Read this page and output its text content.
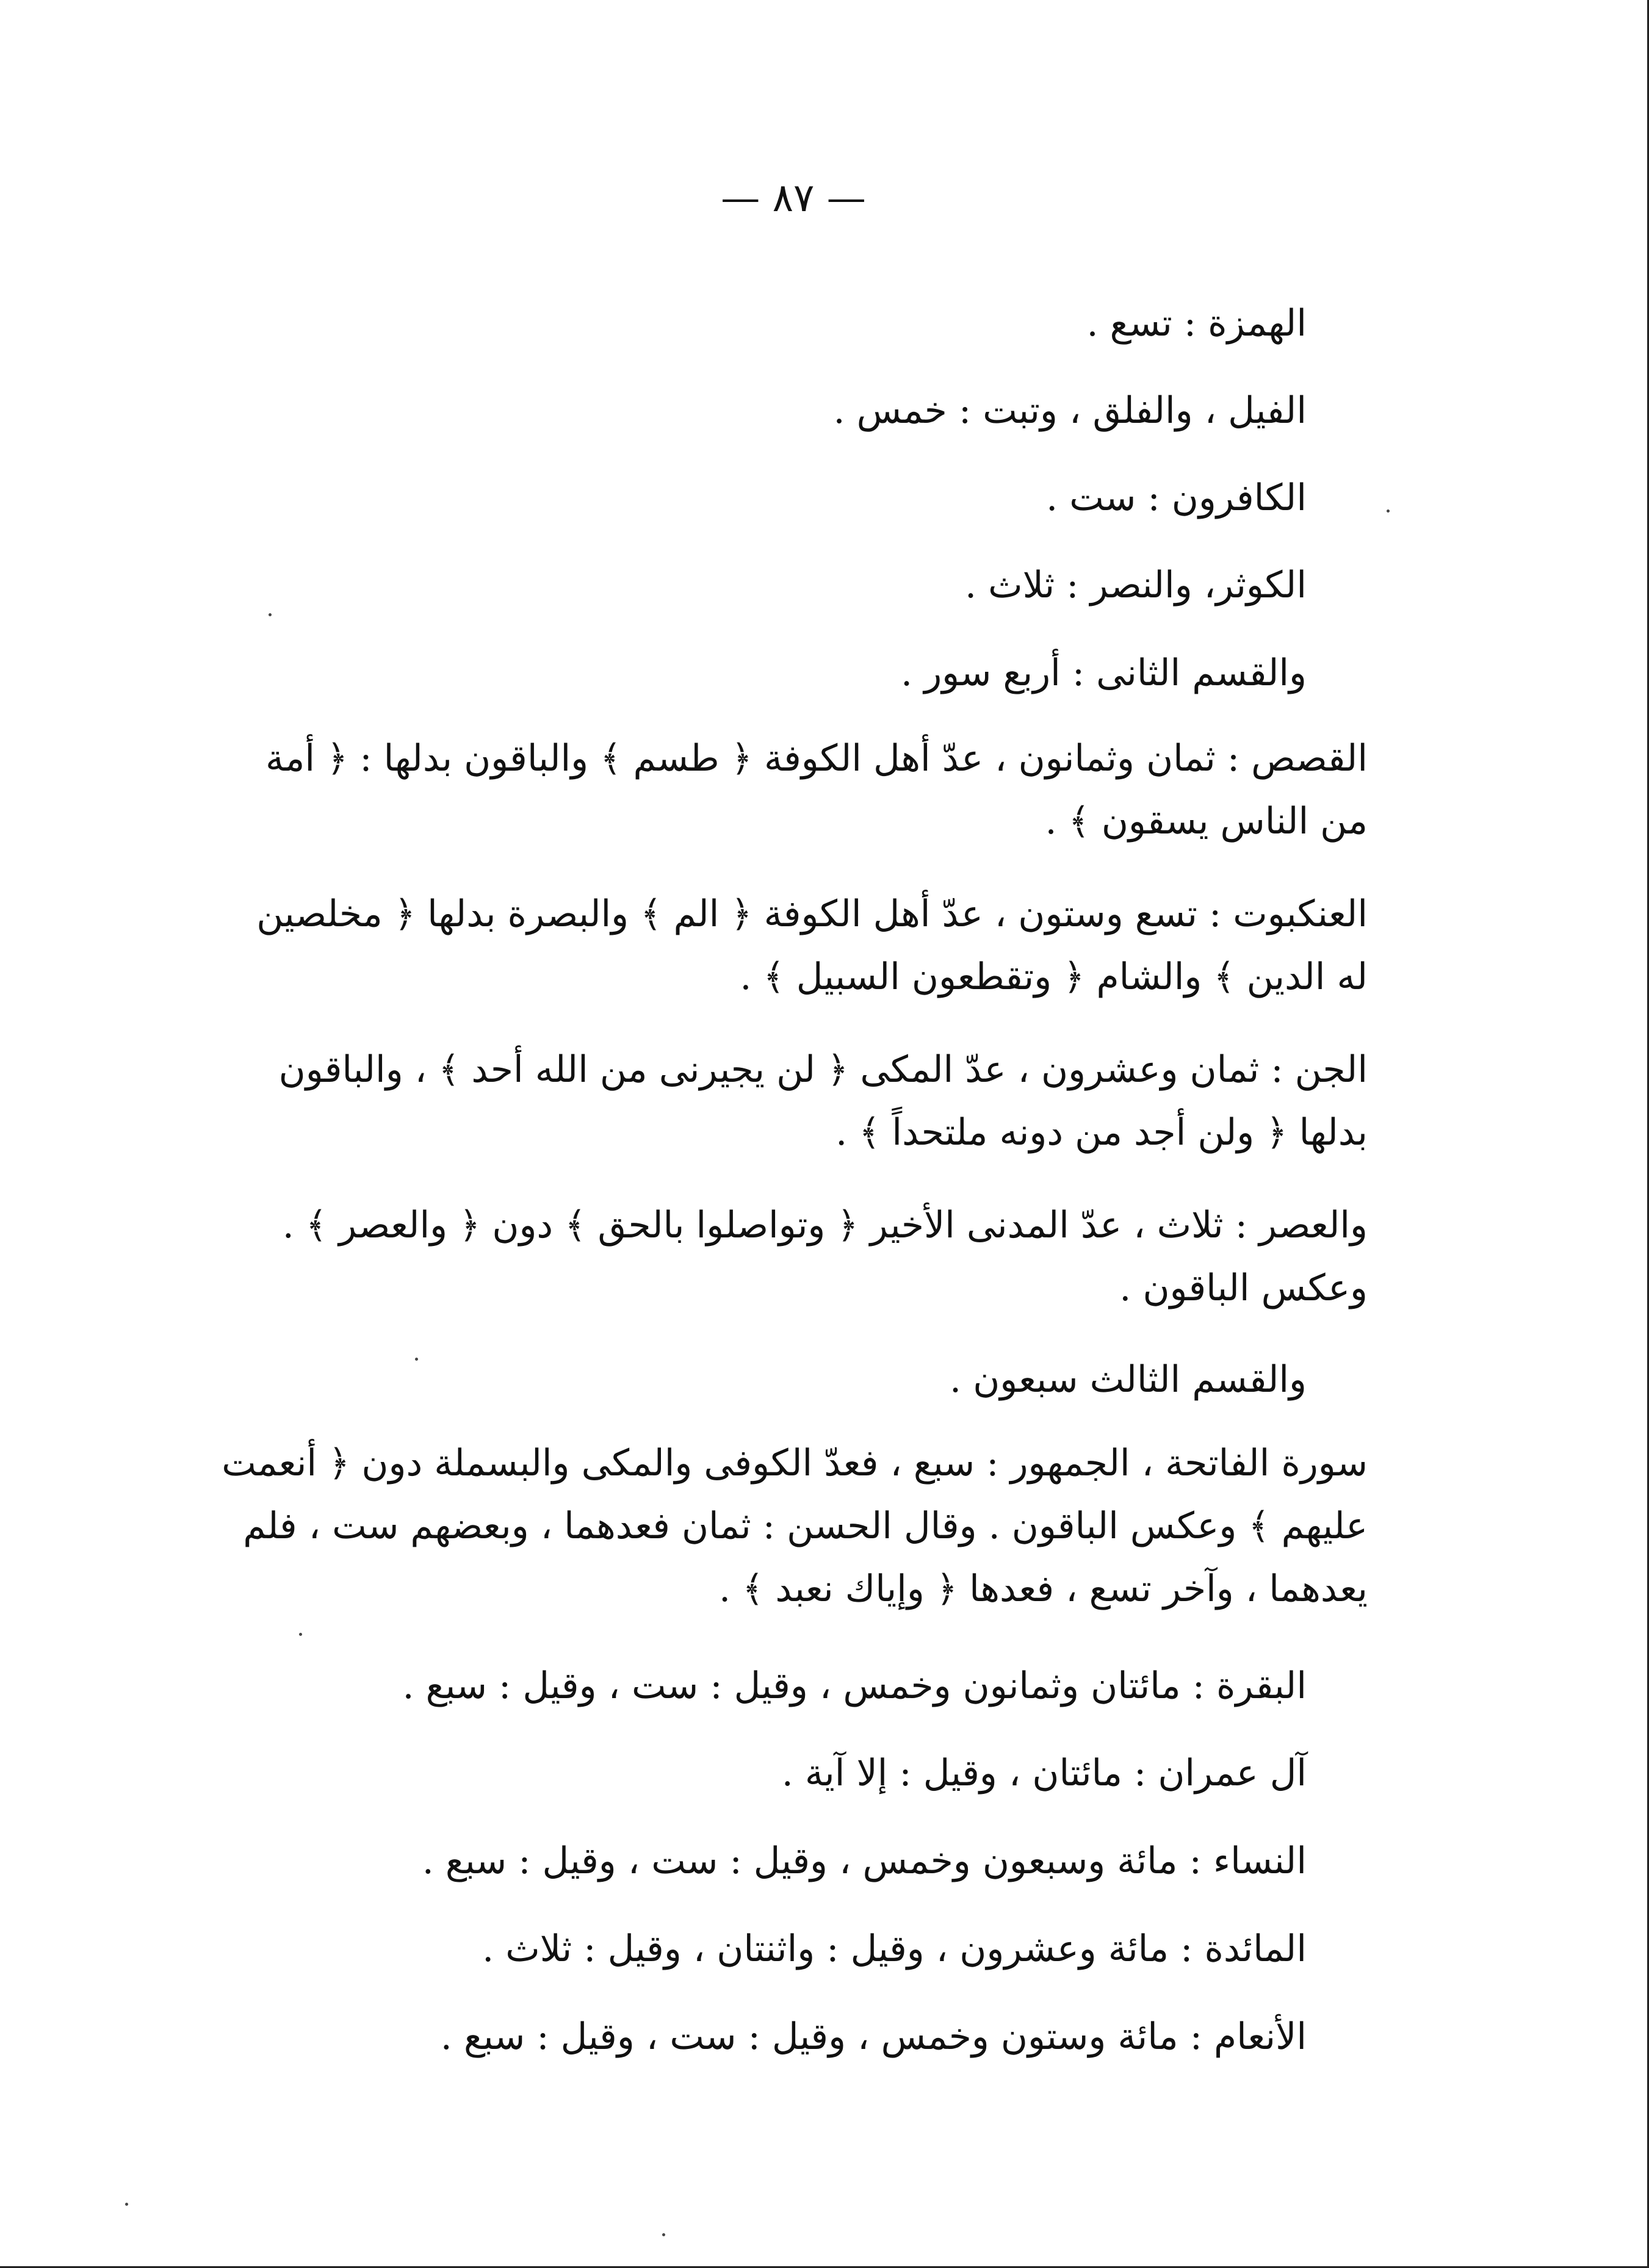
— ٨٧ —
الهمزة : تسع .
الفيل ، والفلق ، وتبت : خمس .
الكافرون : ست .
الكوثر، والنصر : ثلاث .
والقسم الثانى : أربع سور .
القصص : ثمان وثمانون ، عدّ أهل الكوفة ﴿ طسم ﴾ والباقون بدلها : ﴿ أمة
من الناس يسقون ﴾ .
العنكبوت : تسع وستون ، عدّ أهل الكوفة ﴿ الم ﴾ والبصرة بدلها ﴿ مخلصين
له الدين ﴾ والشام ﴿ وتقطعون السبيل ﴾ .
الجن : ثمان وعشرون ، عدّ المكى ﴿ لن يجيرنى من الله أحد ﴾ ، والباقون
بدلها ﴿ ولن أجد من دونه ملتحداً ﴾ .
والعصر : ثلاث ، عدّ المدنى الأخير ﴿ وتواصلوا بالحق ﴾ دون ﴿ والعصر ﴾ .
وعكس الباقون .
والقسم الثالث سبعون .
سورة الفاتحة ، الجمهور : سبع ، فعدّ الكوفى والمكى والبسملة دون ﴿ أنعمت
عليهم ﴾ وعكس الباقون . وقال الحسن : ثمان فعدهما ، وبعضهم ست ، فلم
يعدهما ، وآخر تسع ، فعدها ﴿ وإياك نعبد ﴾ .
البقرة : مائتان وثمانون وخمس ، وقيل : ست ، وقيل : سبع .
آل عمران : مائتان ، وقيل : إلا آية .
النساء : مائة وسبعون وخمس ، وقيل : ست ، وقيل : سبع .
المائدة : مائة وعشرون ، وقيل : واثنتان ، وقيل : ثلاث .
الأنعام : مائة وستون وخمس ، وقيل : ست ، وقيل : سبع .
